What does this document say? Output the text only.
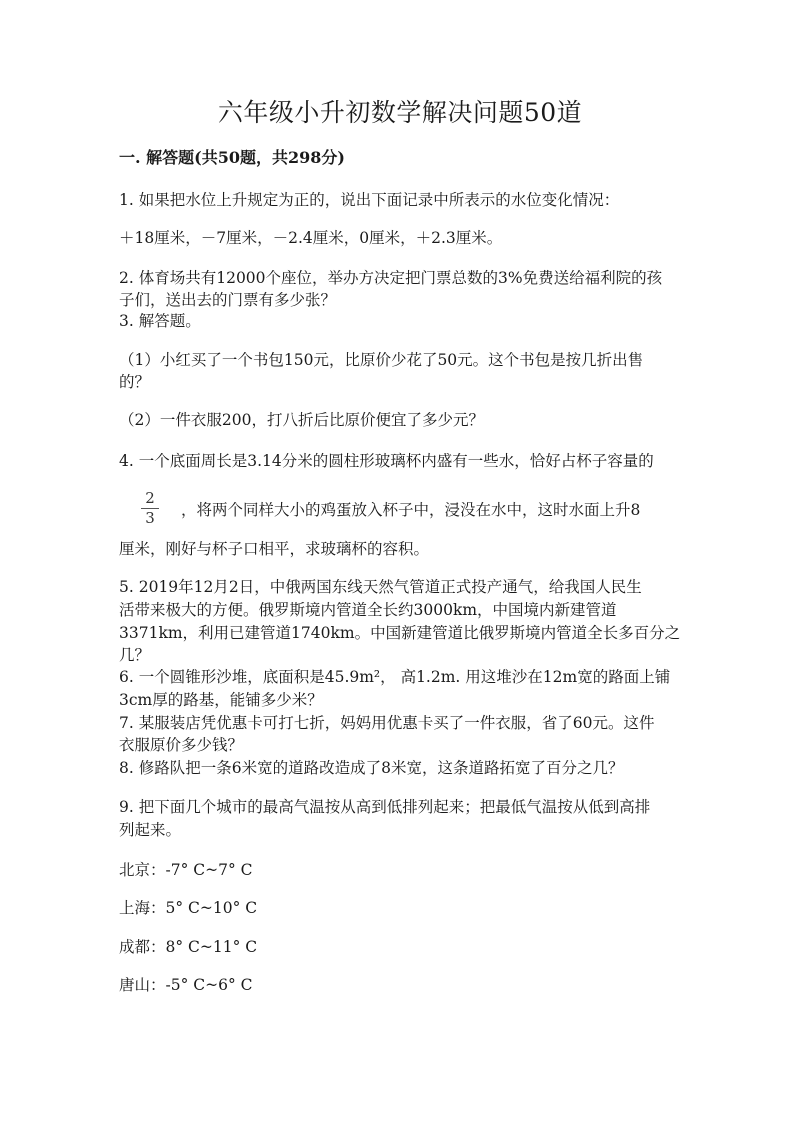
六年级小升初数学解决问题50道
一. 解答题(共50题，共298分)
1. 如果把水位上升规定为正的，说出下面记录中所表示的水位变化情况：
＋18厘米，－7厘米，－2.4厘米，0厘米，＋2.3厘米。
2. 体育场共有12000个座位，举办方决定把门票总数的3%免费送给福利院的孩
子们，送出去的门票有多少张？
3. 解答题。
（1）小红买了一个书包150元，比原价少花了50元。这个书包是按几折出售
的？
（2）一件衣服200，打八折后比原价便宜了多少元？
4. 一个底面周长是3.14分米的圆柱形玻璃杯内盛有一些水，恰好占杯子容量的
2
3	，将两个同样大小的鸡蛋放入杯子中，浸没在水中，这时水面上升8
厘米，刚好与杯子口相平，求玻璃杯的容积。
5. 2019年12月2日，中俄两国东线天然气管道正式投产通气，给我国人民生
活带来极大的方便。俄罗斯境内管道全长约3000km，中国境内新建管道
3371km，利用已建管道1740km。中国新建管道比俄罗斯境内管道全长多百分之
几？
6. 一个圆锥形沙堆，底面积是45.9m²， 高1.2m. 用这堆沙在12m宽的路面上铺
3cm厚的路基，能铺多少米？
7. 某服装店凭优惠卡可打七折，妈妈用优惠卡买了一件衣服，省了60元。这件
衣服原价多少钱？
8. 修路队把一条6米宽的道路改造成了8米宽，这条道路拓宽了百分之几？
9. 把下面几个城市的最高气温按从高到低排列起来；把最低气温按从低到高排
列起来。
北京：-7° C~7° C
上海：5° C~10° C
成都：8° C~11° C
唐山：-5° C~6° C
